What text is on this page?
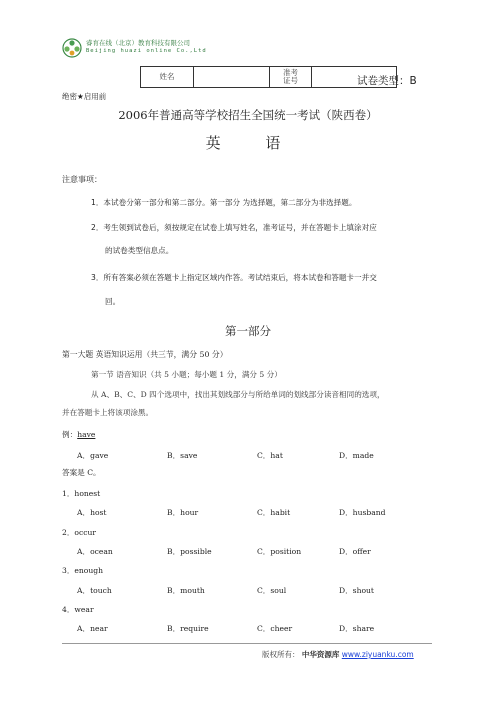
睿育在线（北京）教育科技有限公司
Beijing huazi online Co.,Ltd
姓名		准考
证号		试卷类型：B
绝密★启用前
2006年普通高等学校招生全国统一考试（陕西卷）
英 语
注意事项：
1．本试卷分第一部分和第二部分。第一部分 为选择题，第二部分为非选择题。
2．考生领到试卷后，须按规定在试卷上填写姓名，准考证号，并在答题卡上填涂对应
的试卷类型信息点。
3．所有答案必须在答题卡上指定区域内作答。考试结束后，将本试卷和答题卡一并交
回。
第一部分
第一大题 英语知识运用（共三节，满分 50 分）
第一节 语音知识（共 5 小题；每小题 1 分，满分 5 分）
从 A、B、C、D 四个选项中，找出其划线部分与所给单词的划线部分读音相同的选项，
并在答题卡上将该项涂黑。
例：have
A．gave	B．save	C．hat	D．made
答案是 C。
1．honest
A．host	B．hour	C．habit	D．husband
2．occur
A．ocean	B．possible	C．position	D．offer
3．enough
A．touch	B．mouth	C．soul	D．shout
4．wear
A．near	B．require	C．cheer	D．share
版权所有： 中华资源库 www.ziyuanku.com
